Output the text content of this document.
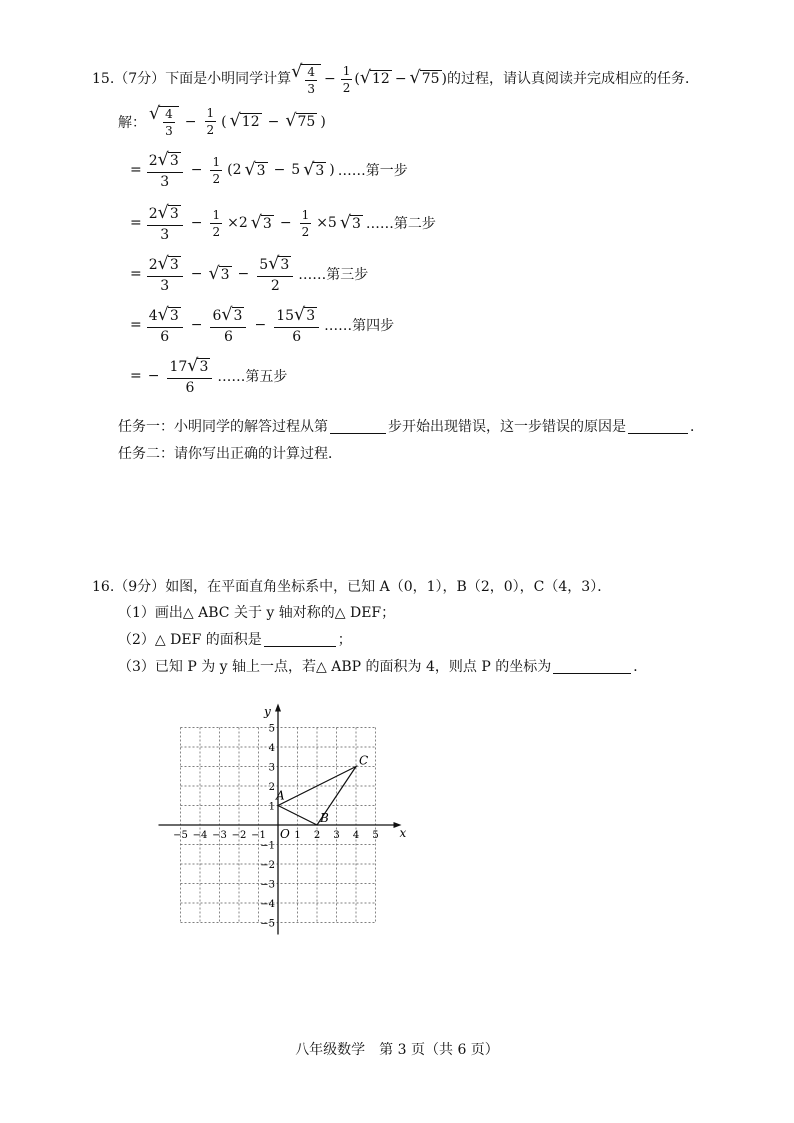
15. （7分） 下面是小明同学计算 √ $\frac{4}{3} - \frac{1}{2}$ ( √ 12 − √ 75 ) 的过程，请认真阅读并完成相应的任务．
解： √ $\frac{4}{3} - \frac{1}{2}$ ( √ 12 − √ 75 )
= $\frac{2 √ 3}{3} - \frac{1}{2} (2$ √ 3 − 5 √ 3 ) ……第一步
= $\frac{2 √ 3}{3} - \frac{1}{2} \times 2$ √ $3 - \frac{1}{2} \times 5$ √ 3 ……第二步
= $\frac{2 √ 3}{3}$ − √ $3 - \frac{5 √ 3}{2}$ ……第三步
= $\frac{4 √ 3}{6} - \frac{6 √ 3}{6} - \frac{15 √ 3}{6}$ ……第四步
= − $\frac{17 √ 3}{6}$ ……第五步
任务一：小明同学的解答过程从第	步开始出现错误，这一步错误的原因是	．
任务二：请你写出正确的计算过程．
16.（9分）如图，在平面直角坐标系中，已知 A（0，1），B（2，0），C（4，3）．
（1）画出△ ABC 关于 y 轴对称的△ DEF；
（2）△ DEF 的面积是	；
（3）已知 P 为 y 轴上一点，若△ ABP 的面积为 4，则点 P 的坐标为	．
−5 −4 −3 −2 −1	1 2 3 4 5
5
4
3
2
1
−1
−2
−3
−4
−5
A
B
C
x
y
O
八年级数学　第 3 页（共 6 页）
